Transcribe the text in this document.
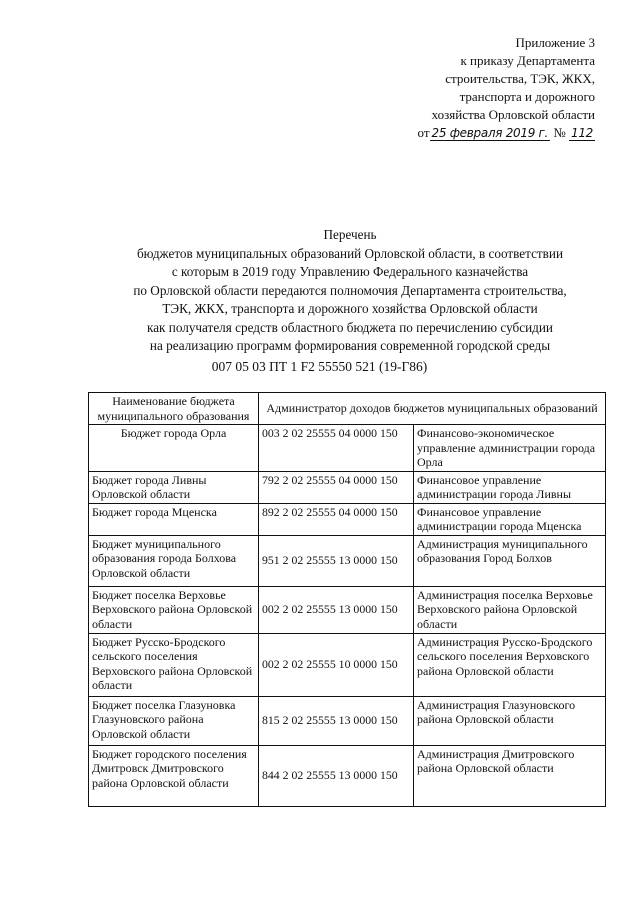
Приложение 3
к приказу Департамента
строительства, ТЭК, ЖКХ,
транспорта и дорожного
хозяйства Орловской области
от 25 февраля 2019 г. № 112
Перечень
бюджетов муниципальных образований Орловской области, в соответствии
с которым в 2019 году Управлению Федерального казначейства
по Орловской области передаются полномочия Департамента строительства,
ТЭК, ЖКХ, транспорта и дорожного хозяйства Орловской области
как получателя средств областного бюджета по перечислению субсидии
на реализацию программ формирования современной городской среды
007 05 03 ПТ 1 F2 55550 521 (19-Г86)
Наименование бюджета муниципального образования	Администратор доходов бюджетов муниципальных образований	
Бюджет города Орла	003 2 02 25555 04 0000 150	Финансово-экономическое управление администрации города Орла
Бюджет города Ливны Орловской области	792 2 02 25555 04 0000 150	Финансовое управление администрации города Ливны
Бюджет города Мценска	892 2 02 25555 04 0000 150	Финансовое управление администрации города Мценска
Бюджет муниципального образования города Болхова Орловской области	951 2 02 25555 13 0000 150	Администрация муниципального образования Город Болхов
Бюджет поселка Верховье Верховского района Орловской области	002 2 02 25555 13 0000 150	Администрация поселка Верховье Верховского района Орловской области
Бюджет Русско-Бродского сельского поселения Верховского района Орловской области	002 2 02 25555 10 0000 150	Администрация Русско-Бродского сельского поселения Верховского района Орловской области
Бюджет поселка Глазуновка Глазуновского района Орловской области	815 2 02 25555 13 0000 150	Администрация Глазуновского района Орловской области
Бюджет городского поселения Дмитровск Дмитровского района Орловской области	844 2 02 25555 13 0000 150	Администрация Дмитровского района Орловской области
